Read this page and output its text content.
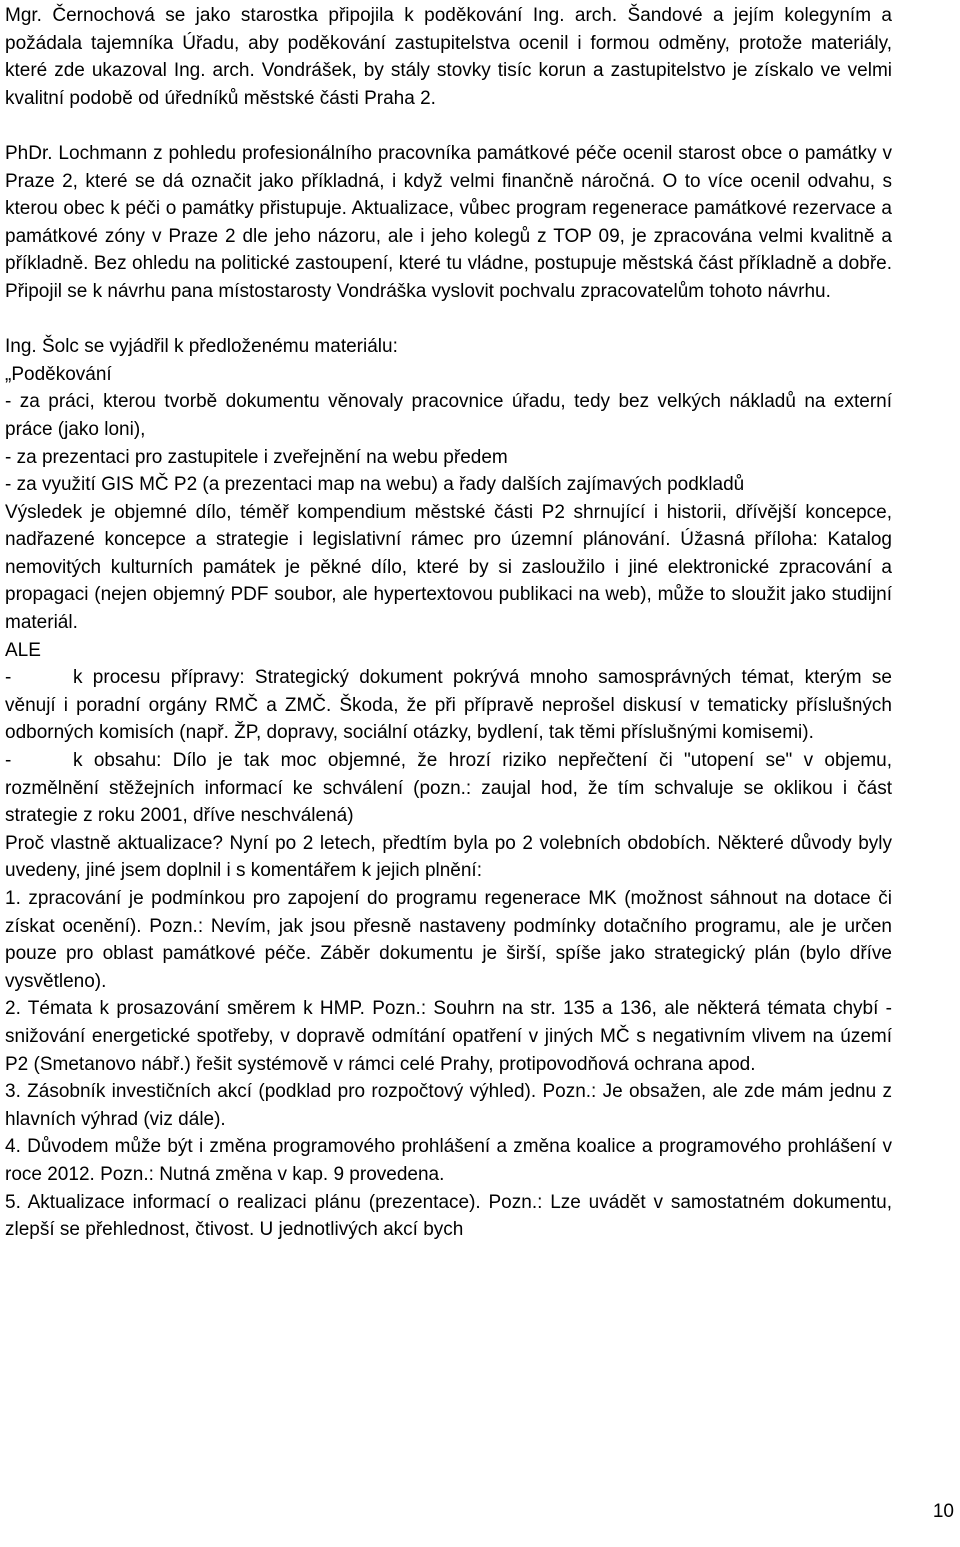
Mgr. Černochová se jako starostka připojila k poděkování Ing. arch. Šandové a jejím kolegyním a požádala tajemníka Úřadu, aby poděkování zastupitelstva ocenil i formou odměny, protože materiály, které zde ukazoval Ing. arch. Vondrášek, by stály stovky tisíc korun a zastupitelstvo je získalo ve velmi kvalitní podobě od úředníků městské části Praha 2.

PhDr. Lochmann z pohledu profesionálního pracovníka památkové péče ocenil starost obce o památky v Praze 2, které se dá označit jako příkladná, i když velmi finančně náročná. O to více ocenil odvahu, s kterou obec k péči o památky přistupuje. Aktualizace, vůbec program regenerace památkové rezervace a památkové zóny v Praze 2 dle jeho názoru, ale i jeho kolegů z TOP 09, je zpracována velmi kvalitně a příkladně. Bez ohledu na politické zastoupení, které tu vládne, postupuje městská část příkladně a dobře. Připojil se k návrhu pana místostarosty Vondráška vyslovit pochvalu zpracovatelům tohoto návrhu.

Ing. Šolc se vyjádřil k předloženému materiálu:

„Poděkování

- za práci, kterou tvorbě dokumentu věnovaly pracovnice úřadu, tedy bez velkých nákladů na externí práce (jako loni),

- za prezentaci pro zastupitele i zveřejnění na webu předem

- za využití GIS MČ P2 (a prezentaci map na webu) a řady dalších zajímavých podkladů

Výsledek je objemné dílo, téměř kompendium městské části P2 shrnující i historii, dřívější koncepce, nadřazené koncepce a strategie i legislativní rámec pro územní plánování. Úžasná příloha: Katalog nemovitých kulturních památek je pěkné dílo, které by si zasloužilo i jiné elektronické zpracování a propagaci (nejen objemný PDF soubor, ale hypertextovou publikaci na web), může to sloužit jako studijní materiál.

ALE

-	k procesu přípravy: Strategický dokument pokrývá mnoho samosprávných témat, kterým se věnují i poradní orgány RMČ a ZMČ. Škoda, že při přípravě neprošel diskusí v tematicky příslušných odborných komisích (např. ŽP, dopravy, sociální otázky, bydlení, tak těmi příslušnými komisemi).

-	k obsahu: Dílo je tak moc objemné, že hrozí riziko nepřečtení či "utopení se" v objemu, rozmělnění stěžejních informací ke schválení (pozn.: zaujal hod, že tím schvaluje se oklikou i část strategie z roku 2001, dříve neschválená)

Proč vlastně aktualizace? Nyní po 2 letech, předtím byla po 2 volebních obdobích. Některé důvody byly uvedeny, jiné jsem doplnil i s komentářem k jejich plnění:

1. zpracování je podmínkou pro zapojení do programu regenerace MK (možnost sáhnout na dotace či získat ocenění). Pozn.: Nevím, jak jsou přesně nastaveny podmínky dotačního programu, ale je určen pouze pro oblast památkové péče. Záběr dokumentu je širší, spíše jako strategický plán (bylo dříve vysvětleno).

2. Témata k prosazování směrem k HMP. Pozn.: Souhrn na str. 135 a 136, ale některá témata chybí - snižování energetické spotřeby, v dopravě odmítání opatření v jiných MČ s negativním vlivem na území P2 (Smetanovo nábř.) řešit systémově v rámci celé Prahy, protipovodňová ochrana apod.

3. Zásobník investičních akcí (podklad pro rozpočtový výhled). Pozn.: Je obsažen, ale zde mám jednu z hlavních výhrad (viz dále).

4. Důvodem může být i změna programového prohlášení a změna koalice a programového prohlášení v roce 2012. Pozn.: Nutná změna v kap. 9 provedena.

5. Aktualizace informací o realizaci plánu (prezentace). Pozn.: Lze uvádět v samostatném dokumentu, zlepší se přehlednost, čtivost. U jednotlivých akcí bych

10
